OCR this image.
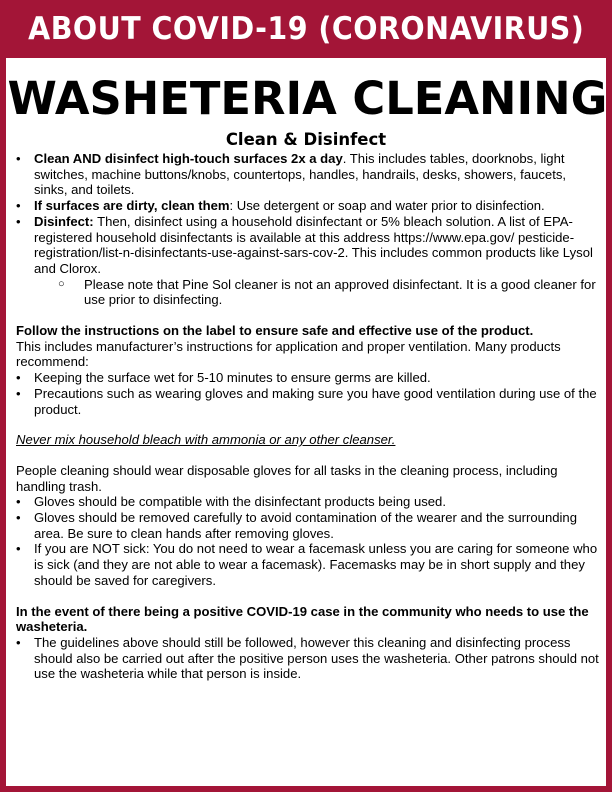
ABOUT COVID-19 (CORONAVIRUS)
WASHETERIA CLEANING
Clean & Disinfect
• Clean AND disinfect high-touch surfaces 2x a day. This includes tables, doorknobs, light switches, machine buttons/knobs, countertops, handles, handrails, desks, showers, faucets, sinks, and toilets.
• If surfaces are dirty, clean them: Use detergent or soap and water prior to disinfection.
• Disinfect: Then, disinfect using a household disinfectant or 5% bleach solution. A list of EPA-registered household disinfectants is available at this address https://www.epa.gov/ pesticide-registration/list-n-disinfectants-use-against-sars-cov-2. This includes common products like Lysol and Clorox.
○ Please note that Pine Sol cleaner is not an approved disinfectant. It is a good cleaner for use prior to disinfecting.

Follow the instructions on the label to ensure safe and effective use of the product.

This includes manufacturer’s instructions for application and proper ventilation. Many products recommend:

• Keeping the surface wet for 5-10 minutes to ensure germs are killed.
• Precautions such as wearing gloves and making sure you have good ventilation during use of the product.

Never mix household bleach with ammonia or any other cleanser.

People cleaning should wear disposable gloves for all tasks in the cleaning process, including handling trash.

• Gloves should be compatible with the disinfectant products being used.
• Gloves should be removed carefully to avoid contamination of the wearer and the surrounding area. Be sure to clean hands after removing gloves.
• If you are NOT sick: You do not need to wear a facemask unless you are caring for someone who is sick (and they are not able to wear a facemask). Facemasks may be in short supply and they should be saved for caregivers.

In the event of there being a positive COVID-19 case in the community who needs to use the washeteria.

• The guidelines above should still be followed, however this cleaning and disinfecting process should also be carried out after the positive person uses the washeteria. Other patrons should not use the washeteria while that person is inside.
